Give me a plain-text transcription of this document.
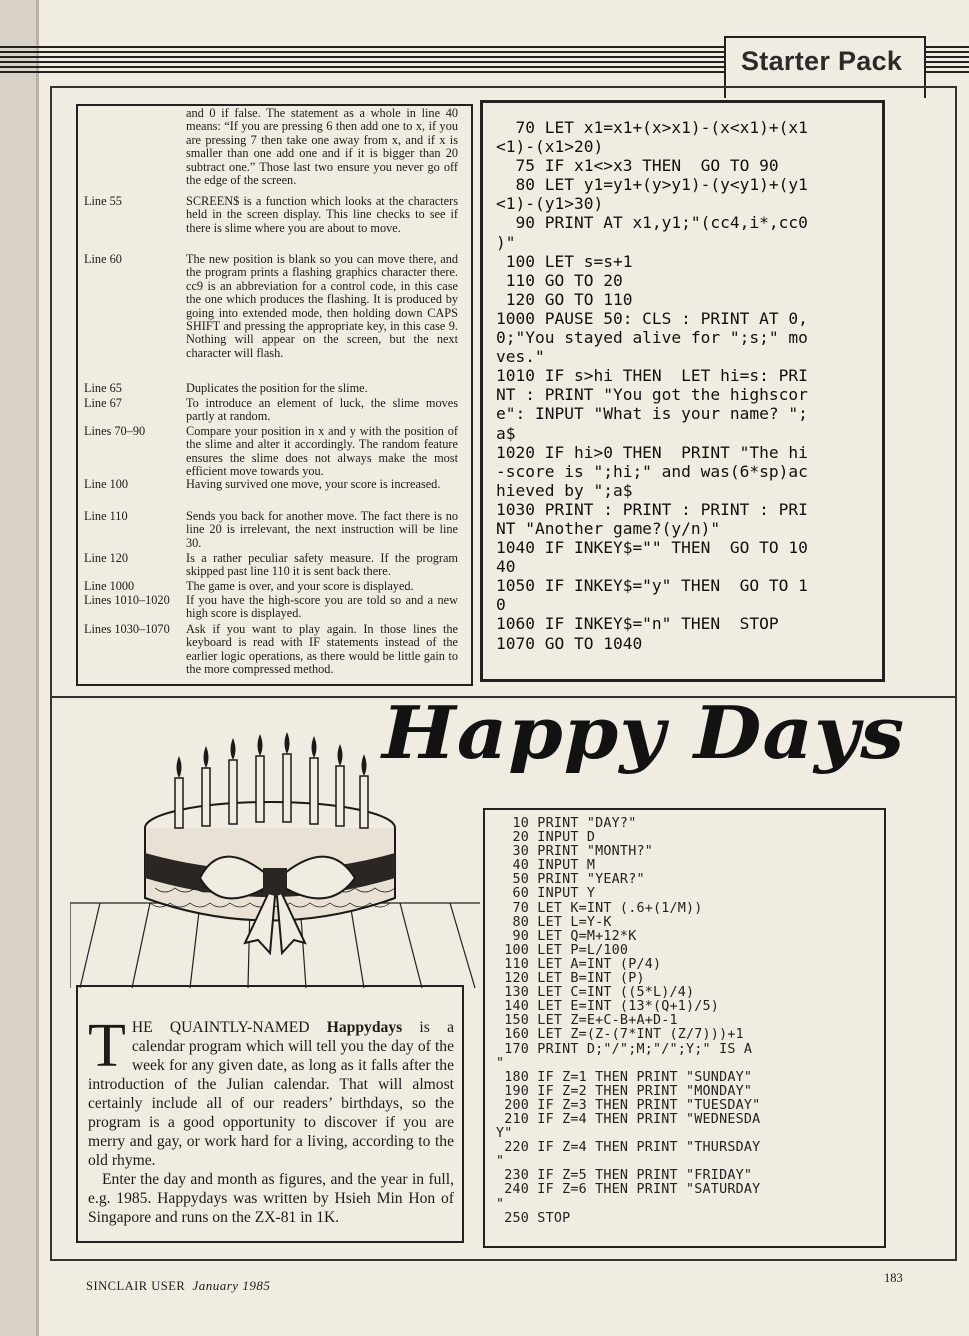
Starter Pack
and 0 if false. The statement as a whole in line 40 means: “If you are pressing 6 then add one to x, if you are pressing 7 then take one away from x, and if x is smaller than one add one and if it is bigger than 20 subtract one.” Those last two ensure you never go off the edge of the screen.
Line 55	SCREEN$ is a function which looks at the characters held in the screen display. This line checks to see if there is slime where you are about to move.
Line 60	The new position is blank so you can move there, and the program prints a flashing graphics character there. cc9 is an abbreviation for a control code, in this case the one which produces the flashing. It is produced by going into extended mode, then holding down CAPS SHIFT and pressing the appropriate key, in this case 9. Nothing will appear on the screen, but the next character will flash.
Line 65	Duplicates the position for the slime.
Line 67	To introduce an element of luck, the slime moves partly at random.
Lines 70–90	Compare your position in x and y with the position of the slime and alter it accordingly. The random feature ensures the slime does not always make the most efficient move towards you.
Line 100	Having survived one move, your score is increased.
Line 110	Sends you back for another move. The fact there is no line 20 is irrelevant, the next instruction will be line 30.
Line 120	Is a rather peculiar safety measure. If the program skipped past line 110 it is sent back there.
Line 1000	The game is over, and your score is displayed.
Lines 1010–1020	If you have the high-score you are told so and a new high score is displayed.
Lines 1030–1070	Ask if you want to play again. In those lines the keyboard is read with IF statements instead of the earlier logic operations, as there would be little gain to the more compressed method.
70 LET x1=x1+(x>x1)-(x<x1)+(x1
<1)-(x1>20)
75 IF x1<>x3 THEN  GO TO 90
80 LET y1=y1+(y>y1)-(y<y1)+(y1
<1)-(y1>30)
90 PRINT AT x1,y1;"(cc4,i*,cc0
)"
100 LET s=s+1
110 GO TO 20
120 GO TO 110
1000 PAUSE 50: CLS : PRINT AT 0,
0;"You stayed alive for ";s;" mo
ves."
1010 IF s>hi THEN  LET hi=s: PRI
NT : PRINT "You got the highscor
e": INPUT "What is your name? ";
a$
1020 IF hi>0 THEN  PRINT "The hi
-score is ";hi;" and was(6*sp)ac
hieved by ";a$
1030 PRINT : PRINT : PRINT : PRI
NT "Another game?(y/n)"
1040 IF INKEY$="" THEN  GO TO 10
40
1050 IF INKEY$="y" THEN  GO TO 1
0
1060 IF INKEY$="n" THEN  STOP
1070 GO TO 1040
Happy Days
10 PRINT "DAY?"
20 INPUT D
30 PRINT "MONTH?"
40 INPUT M
50 PRINT "YEAR?"
60 INPUT Y
70 LET K=INT (.6+(1/M))
80 LET L=Y-K
90 LET Q=M+12*K
100 LET P=L/100
110 LET A=INT (P/4)
120 LET B=INT (P)
130 LET C=INT ((5*L)/4)
140 LET E=INT (13*(Q+1)/5)
150 LET Z=E+C-B+A+D-1
160 LET Z=(Z-(7*INT (Z/7)))+1
170 PRINT D;"/";M;"/";Y;" IS A
"
180 IF Z=1 THEN PRINT "SUNDAY"
190 IF Z=2 THEN PRINT "MONDAY"
200 IF Z=3 THEN PRINT "TUESDAY"
210 IF Z=4 THEN PRINT "WEDNESDA
Y"
220 IF Z=4 THEN PRINT "THURSDAY
"
230 IF Z=5 THEN PRINT "FRIDAY"
240 IF Z=6 THEN PRINT "SATURDAY
"
250 STOP

THE QUAINTLY-NAMED Happydays is a calendar program which will tell you the day of the week for any given date, as long as it falls after the introduction of the Julian calendar. That will almost certainly include all of our readers’ birthdays, so the program is a good opportunity to discover if you are merry and gay, or work hard for a living, according to the old rhyme.

Enter the day and month as figures, and the year in full, e.g. 1985. Happydays was written by Hsieh Min Hon of Singapore and runs on the ZX-81 in 1K.

SINCLAIR USER January 1985	183
